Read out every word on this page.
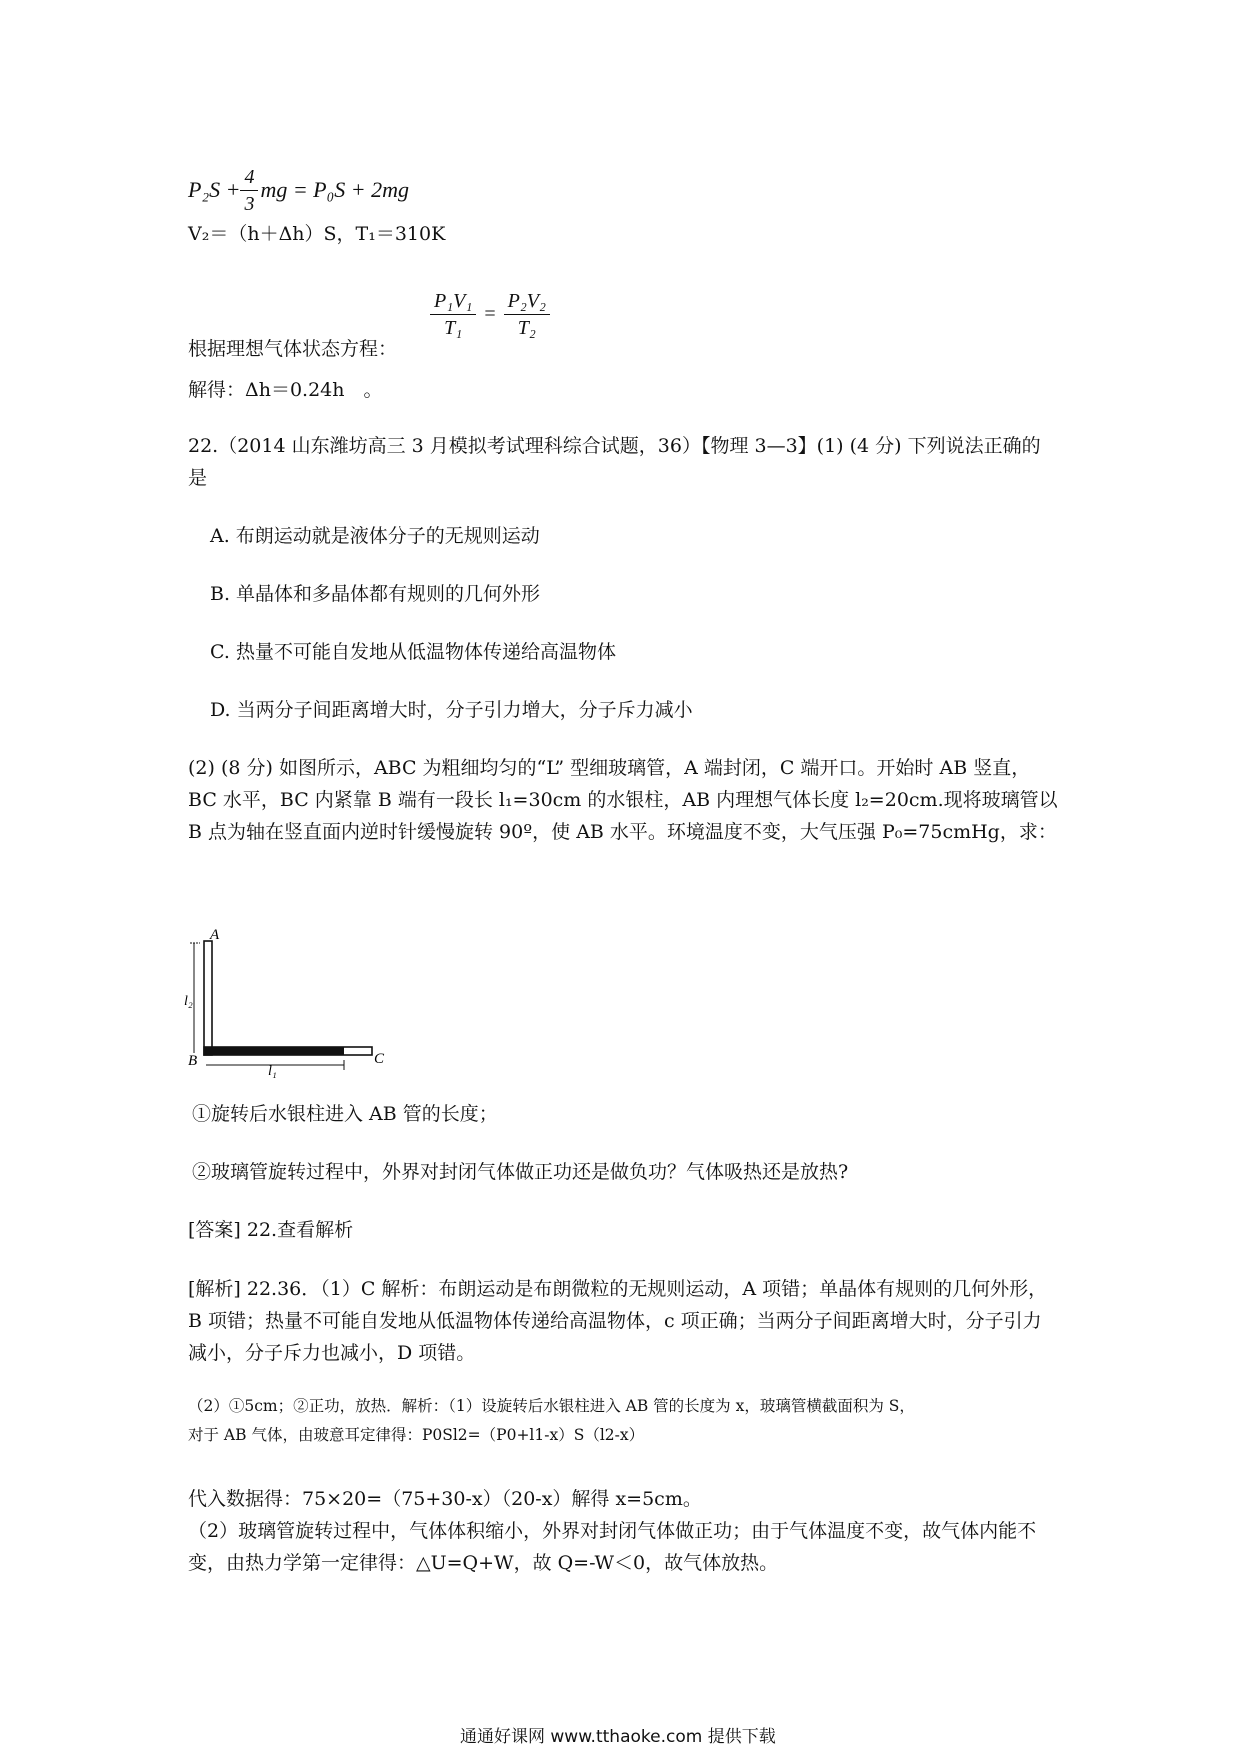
$P_2S + \frac{4}{3}$ mg = P₀S + 2mg
V₂＝（h＋Δh）S，T₁＝310K
根据理想气体状态方程：
$\frac{\text{P₁V₁}}{\text{T₁}} = \frac{\text{P₂V₂}}{\text{T₂}}$
解得：Δh＝0.24h　。
22.（2014 山东潍坊高三 3 月模拟考试理科综合试题，36）【物理 3—3】(1) (4 分) 下列说法正确的是
A. 布朗运动就是液体分子的无规则运动
B. 单晶体和多晶体都有规则的几何外形
C. 热量不可能自发地从低温物体传递给高温物体
D. 当两分子间距离增大时，分子引力增大，分子斥力减小
(2) (8 分) 如图所示，ABC 为粗细均匀的“L” 型细玻璃管，A 端封闭，C 端开口。开始时 AB 竖直，BC 水平，BC 内紧靠 B 端有一段长 l₁=30cm 的水银柱，AB 内理想气体长度 l₂=20cm.现将玻璃管以 B 点为轴在竖直面内逆时针缓慢旋转 90º，使 AB 水平。环境温度不变，大气压强 P₀=75cmHg，求：
l₂
l₁
A
B	C
①旋转后水银柱进入 AB 管的长度；
②玻璃管旋转过程中，外界对封闭气体做正功还是做负功？气体吸热还是放热?
[答案] 22.查看解析
[解析] 22.36．（1）C 解析：布朗运动是布朗微粒的无规则运动，A 项错；单晶体有规则的几何外形，B 项错；热量不可能自发地从低温物体传递给高温物体，c 项正确；当两分子间距离增大时，分子引力减小，分子斥力也减小，D 项错。
（2）①5cm；②正功，放热．解析：（1）设旋转后水银柱进入 AB 管的长度为 x，玻璃管横截面积为 S，
对于 AB 气体，由玻意耳定律得：P0Sl2=（P0+l1-x）S（l2-x）
代入数据得：75×20=（75+30-x）（20-x）解得 x=5cm。
（2）玻璃管旋转过程中，气体体积缩小，外界对封闭气体做正功；由于气体温度不变，故气体内能不变，由热力学第一定律得：△U=Q+W，故 Q=-W＜0，故气体放热。
通通好课网 www.tthaoke.com 提供下载
